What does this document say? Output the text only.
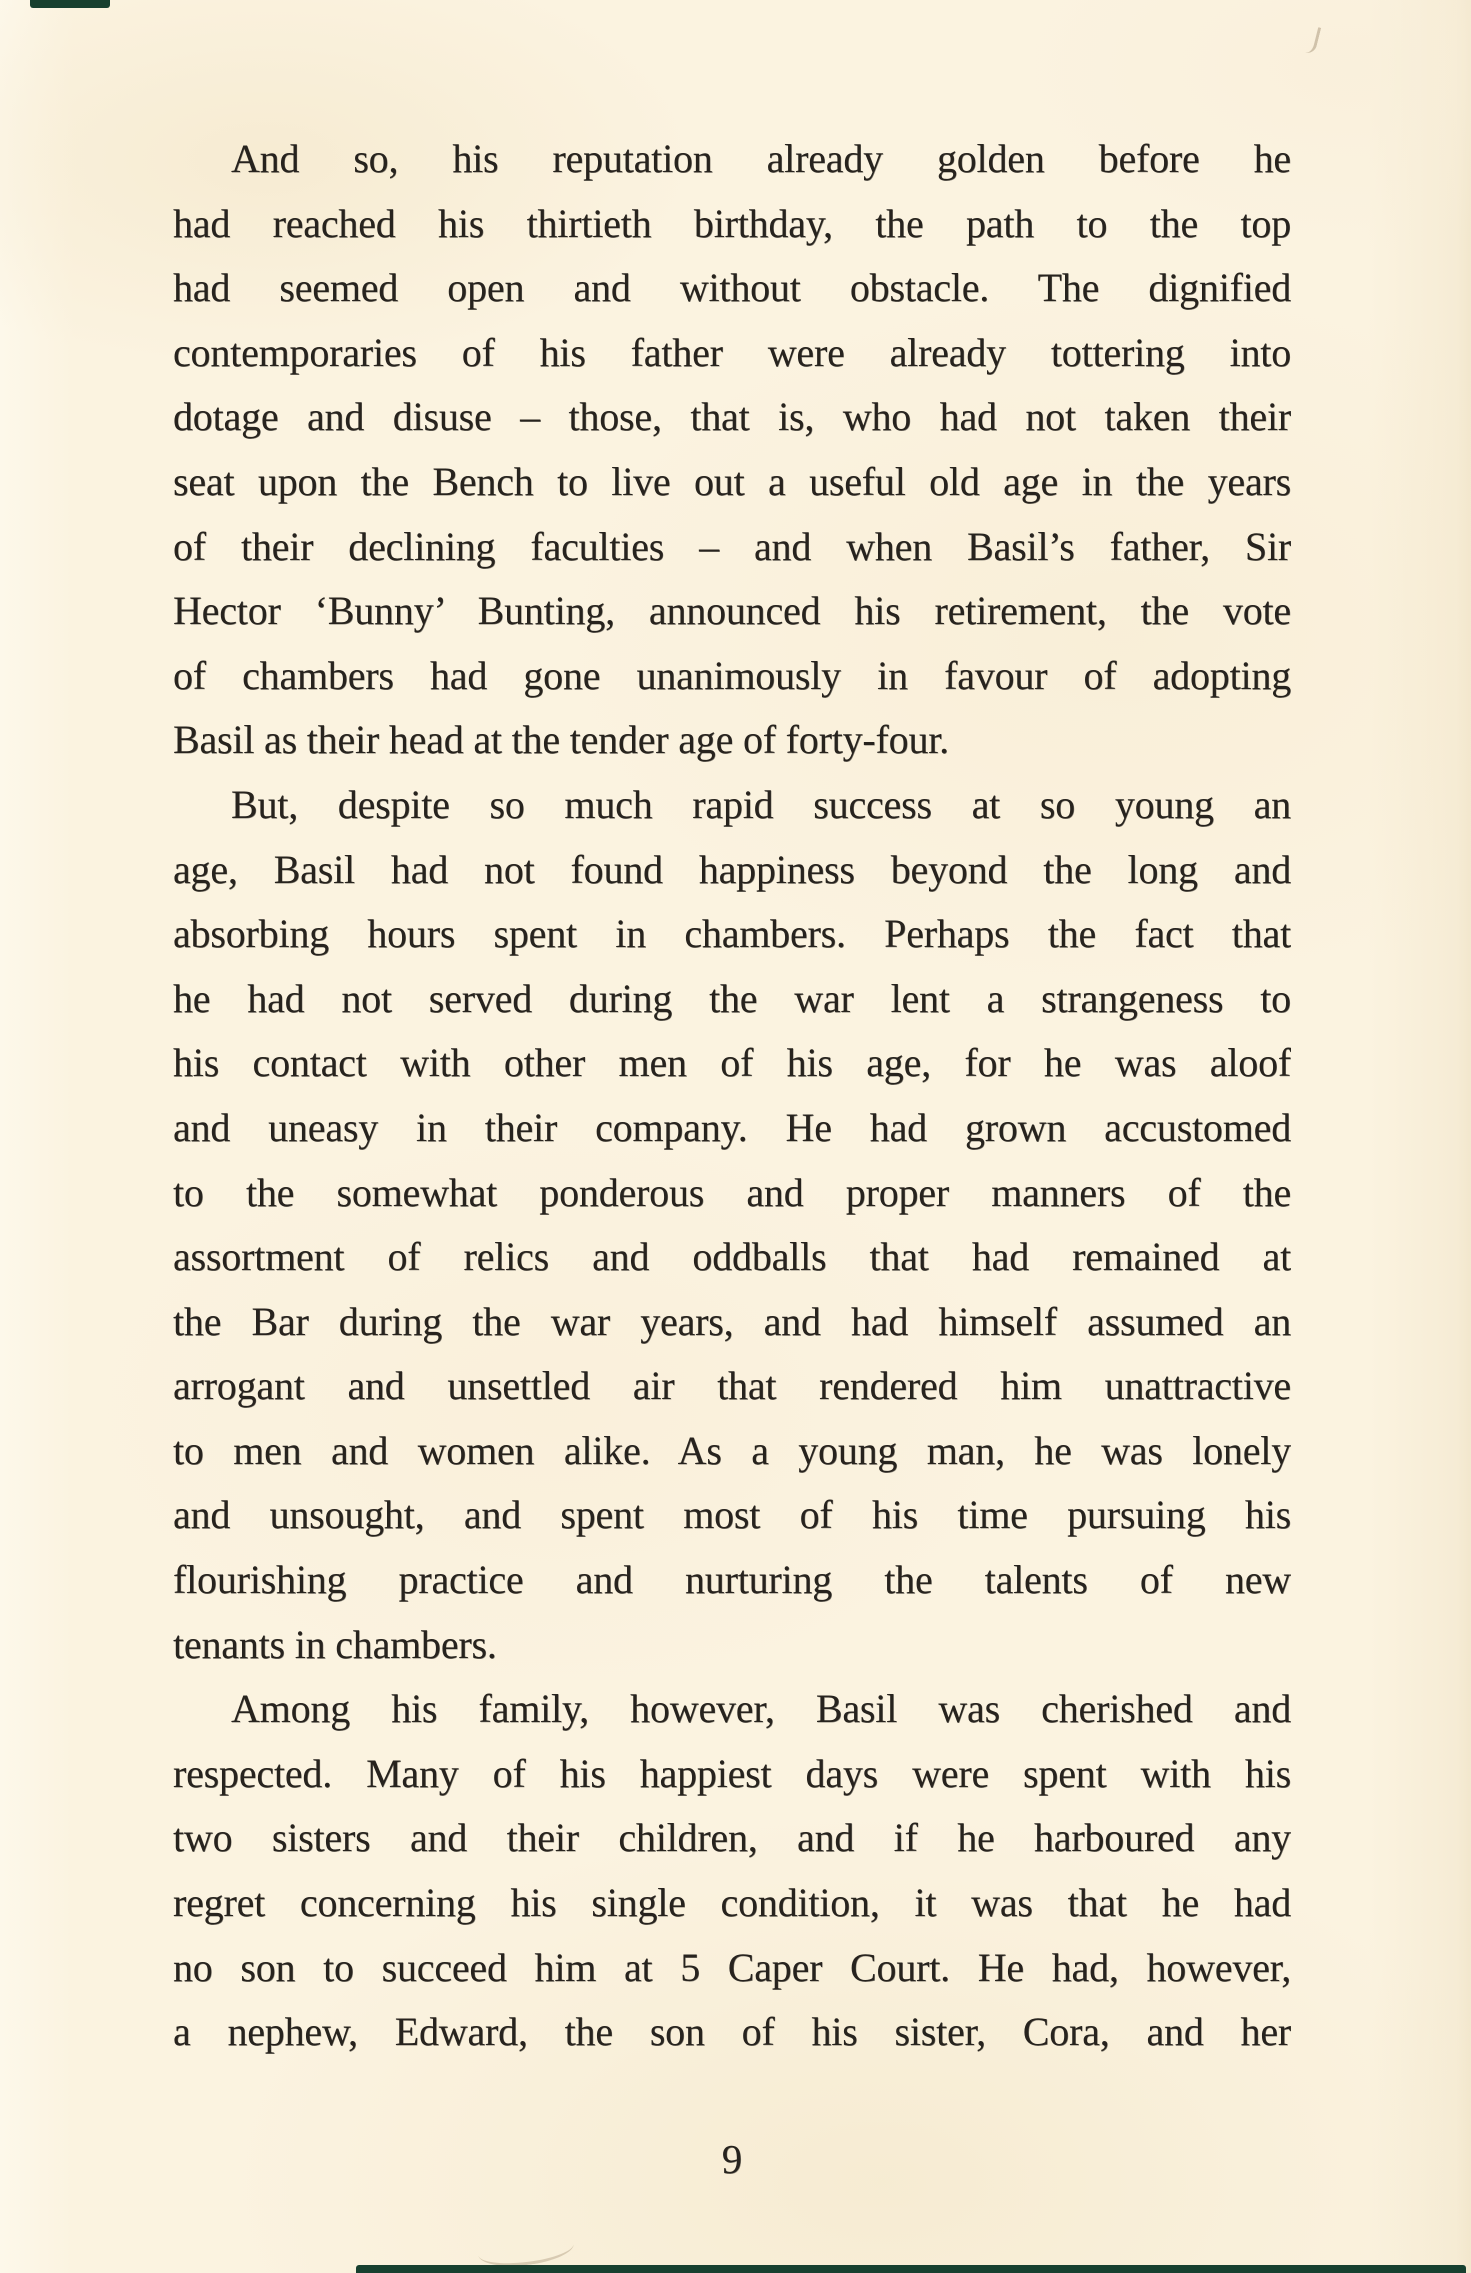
And so, his reputation already golden before he
had reached his thirtieth birthday, the path to the top
had seemed open and without obstacle. The dignified
contemporaries of his father were already tottering into
dotage and disuse – those, that is, who had not taken their
seat upon the Bench to live out a useful old age in the years
of their declining faculties – and when Basil’s father, Sir
Hector ‘Bunny’ Bunting, announced his retirement, the vote
of chambers had gone unanimously in favour of adopting
Basil as their head at the tender age of forty-four.
But, despite so much rapid success at so young an
age, Basil had not found happiness beyond the long and
absorbing hours spent in chambers. Perhaps the fact that
he had not served during the war lent a strangeness to
his contact with other men of his age, for he was aloof
and uneasy in their company. He had grown accustomed
to the somewhat ponderous and proper manners of the
assortment of relics and oddballs that had remained at
the Bar during the war years, and had himself assumed an
arrogant and unsettled air that rendered him unattractive
to men and women alike. As a young man, he was lonely
and unsought, and spent most of his time pursuing his
flourishing practice and nurturing the talents of new
tenants in chambers.
Among his family, however, Basil was cherished and
respected. Many of his happiest days were spent with his
two sisters and their children, and if he harboured any
regret concerning his single condition, it was that he had
no son to succeed him at 5 Caper Court. He had, however,
a nephew, Edward, the son of his sister, Cora, and her
9
